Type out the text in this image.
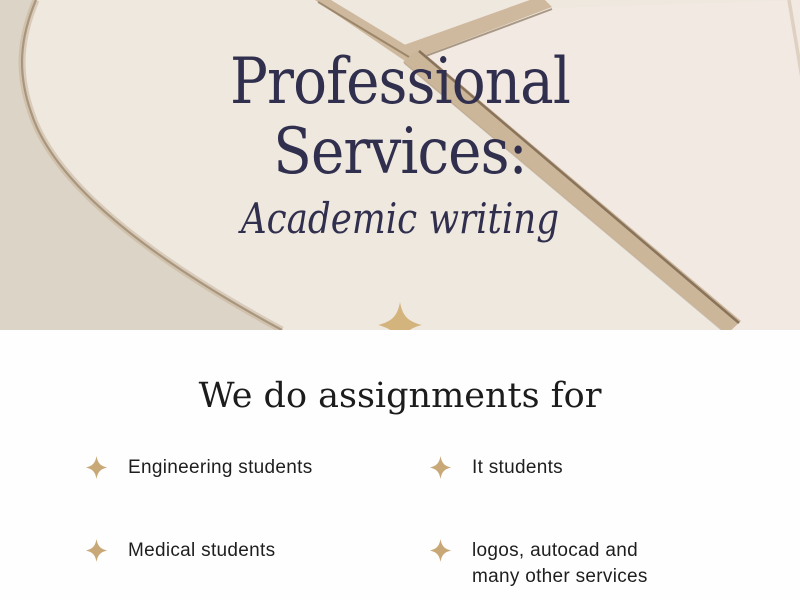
Professional
Services:
Academic writing
We do assignments for
Engineering students	It students
Medical students	logos, autocad and many other services
